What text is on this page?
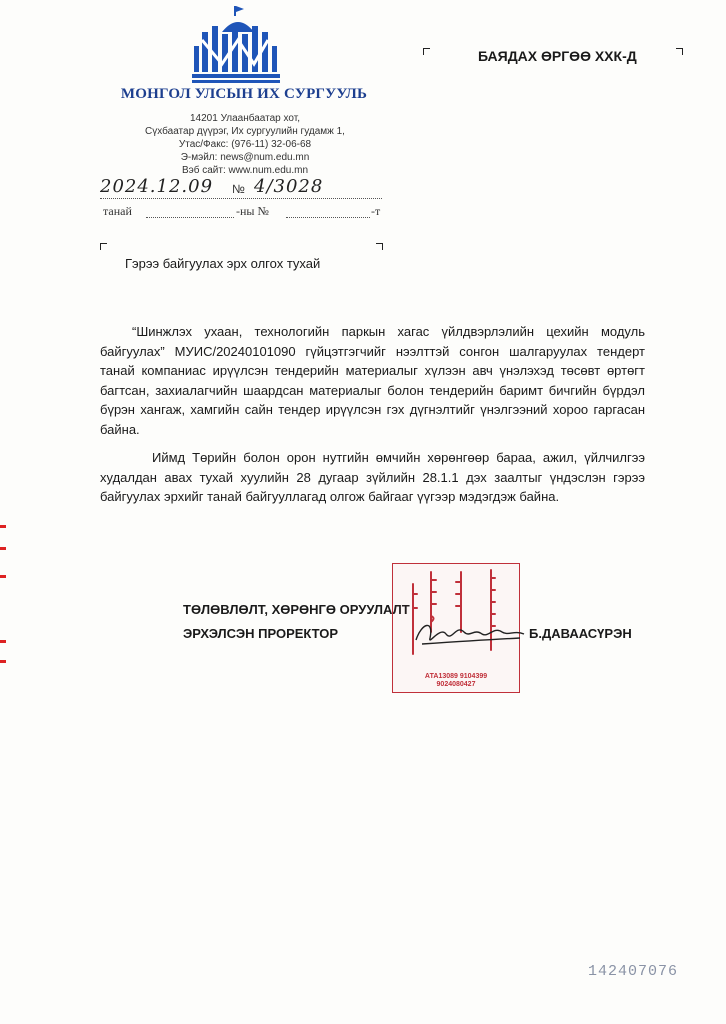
МОНГОЛ УЛСЫН ИХ СУРГУУЛЬ
14201 Улаанбаатар хот,
Сүхбаатар дүүрэг, Их сургуулийн гудамж 1,
Утас/Факс: (976-11) 32-06-68
Э-мэйл: news@num.edu.mn
Вэб сайт: www.num.edu.mn
БАЯДАХ ӨРГӨӨ ХХК-Д
2024.12.09 № 4/3028
танай	-ны №	-т
Гэрээ байгуулах эрх олгох тухай
“Шинжлэх ухаан, технологийн паркын хагас үйлдвэрлэлийн цехийн модуль байгуулах” МУИС/20240101090 гүйцэтгэгчийг нээлттэй сонгон шалгаруулах тендерт танай компаниас ирүүлсэн тендерийн материалыг хүлээн авч үнэлэхэд төсөвт өртөгт багтсан, захиалагчийн шаардсан материалыг болон тендерийн баримт бичгийн бүрдэл бүрэн хангаж, хамгийн сайн тендер ирүүлсэн гэх дүгнэлтийг үнэлгээний хороо гаргасан байна.
Иймд Төрийн болон орон нутгийн өмчийн хөрөнгөөр бараа, ажил, үйлчилгээ худалдан авах тухай хуулийн 28 дугаар зүйлийн 28.1.1 дэх заалтыг үндэслэн гэрээ байгуулах эрхийг танай байгууллагад олгож байгааг үүгээр мэдэгдэж байна.
ТӨЛӨВЛӨЛТ, ХӨРӨНГӨ ОРУУЛАЛТ
ЭРХЭЛСЭН ПРОРЕКТОР
АТА13089 9104399
9024080427
Б.ДАВААСҮРЭН
142407076
